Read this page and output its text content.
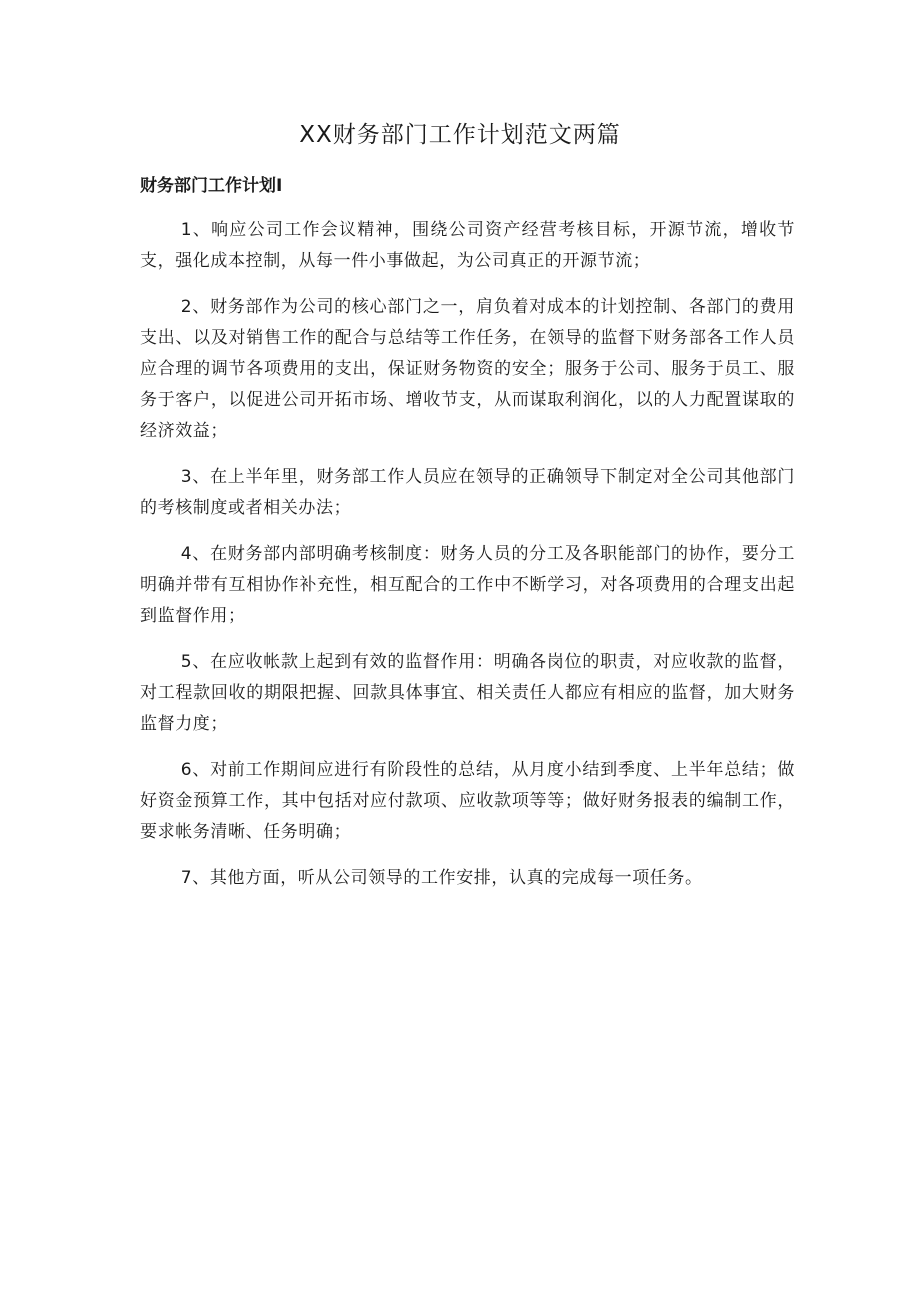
XX财务部门工作计划范文两篇
财务部门工作计划Ⅰ

1、响应公司工作会议精神，围绕公司资产经营考核目标，开源节流，增收节支，强化成本控制，从每一件小事做起，为公司真正的开源节流；

2、财务部作为公司的核心部门之一，肩负着对成本的计划控制、各部门的费用支出、以及对销售工作的配合与总结等工作任务，在领导的监督下财务部各工作人员应合理的调节各项费用的支出，保证财务物资的安全；服务于公司、服务于员工、服务于客户，以促进公司开拓市场、增收节支，从而谋取利润化，以的人力配置谋取的经济效益；

3、在上半年里，财务部工作人员应在领导的正确领导下制定对全公司其他部门的考核制度或者相关办法；

4、在财务部内部明确考核制度：财务人员的分工及各职能部门的协作，要分工明确并带有互相协作补充性，相互配合的工作中不断学习，对各项费用的合理支出起到监督作用；

5、在应收帐款上起到有效的监督作用：明确各岗位的职责，对应收款的监督，对工程款回收的期限把握、回款具体事宜、相关责任人都应有相应的监督，加大财务监督力度；

6、对前工作期间应进行有阶段性的总结，从月度小结到季度、上半年总结；做好资金预算工作，其中包括对应付款项、应收款项等等；做好财务报表的编制工作，要求帐务清晰、任务明确；

7、其他方面，听从公司领导的工作安排，认真的完成每一项任务。
